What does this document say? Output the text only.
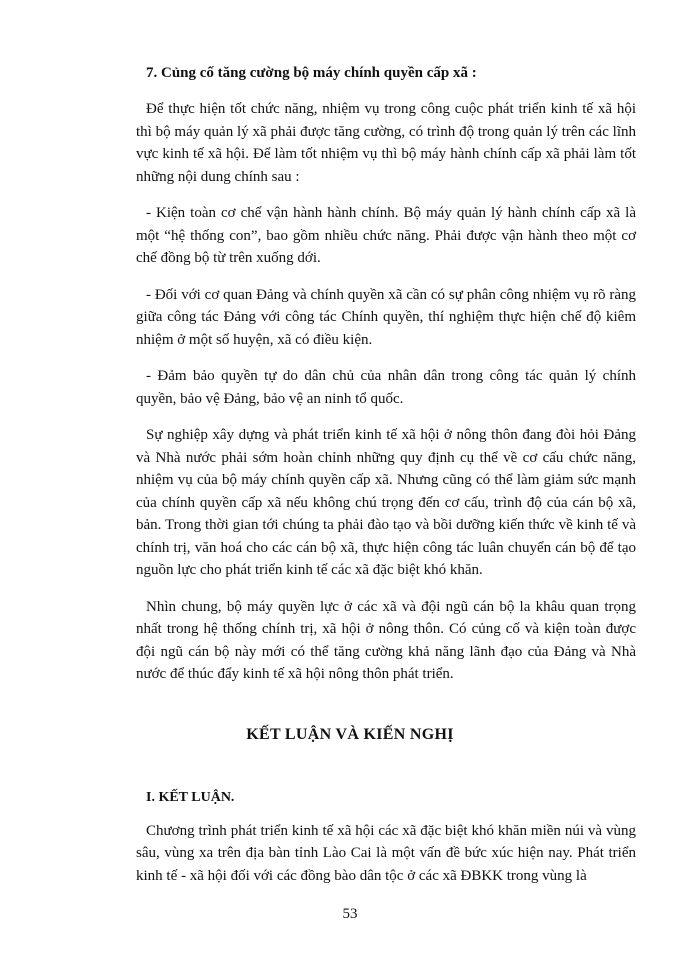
7. Củng cố tăng cường bộ máy chính quyền cấp xã :

Để thực hiện tốt chức năng, nhiệm vụ trong công cuộc phát triển kinh tế xã hội thì bộ máy quản lý xã phải được tăng cường, có trình độ trong quản lý trên các lĩnh vực kinh tế xã hội. Để làm tốt nhiệm vụ thì bộ máy hành chính cấp xã phải làm tốt những nội dung chính sau :

- Kiện toàn cơ chế vận hành hành chính. Bộ máy quản lý hành chính cấp xã là một “hệ thống con”, bao gồm nhiều chức năng. Phải được vận hành theo một cơ chế đồng bộ từ trên xuống dới.

- Đối với cơ quan Đảng và chính quyền xã cần có sự phân công nhiệm vụ rõ ràng giữa công tác Đảng với công tác Chính quyền, thí nghiệm thực hiện chế độ kiêm nhiệm ở một số huyện, xã có điều kiện.

- Đảm bảo quyền tự do dân chủ của nhân dân trong công tác quản lý chính quyền, bảo vệ Đảng, bảo vệ an ninh tổ quốc.

Sự nghiệp xây dựng và phát triển kinh tế xã hội ở nông thôn đang đòi hỏi Đảng và Nhà nước phải sớm hoàn chỉnh những quy định cụ thể về cơ cấu chức năng, nhiệm vụ của bộ máy chính quyền cấp xã. Nhưng cũng có thể làm giảm sức mạnh của chính quyền cấp xã nếu không chú trọng đến cơ cấu, trình độ của cán bộ xã, bản. Trong thời gian tới chúng ta phải đào tạo và bồi dưỡng kiến thức về kinh tế và chính trị, văn hoá cho các cán bộ xã, thực hiện công tác luân chuyển cán bộ để tạo nguồn lực cho phát triển kinh tế các xã đặc biệt khó khăn.

Nhìn chung, bộ máy quyền lực ở các xã và đội ngũ cán bộ la khâu quan trọng nhất trong hệ thống chính trị, xã hội ở nông thôn. Có củng cố và kiện toàn được đội ngũ cán bộ này mới có thể tăng cường khả năng lãnh đạo của Đảng và Nhà nước để thúc đẩy kinh tế xã hội nông thôn phát triển.

KẾT LUẬN VÀ KIẾN NGHỊ
I. KẾT LUẬN.

Chương trình phát triển kinh tế xã hội các xã đặc biệt khó khăn miền núi và vùng sâu, vùng xa trên địa bàn tỉnh Lào Cai là một vấn đề bức xúc hiện nay. Phát triển kinh tế - xã hội đối với các đồng bào dân tộc ở các xã ĐBKK trong vùng là

53
